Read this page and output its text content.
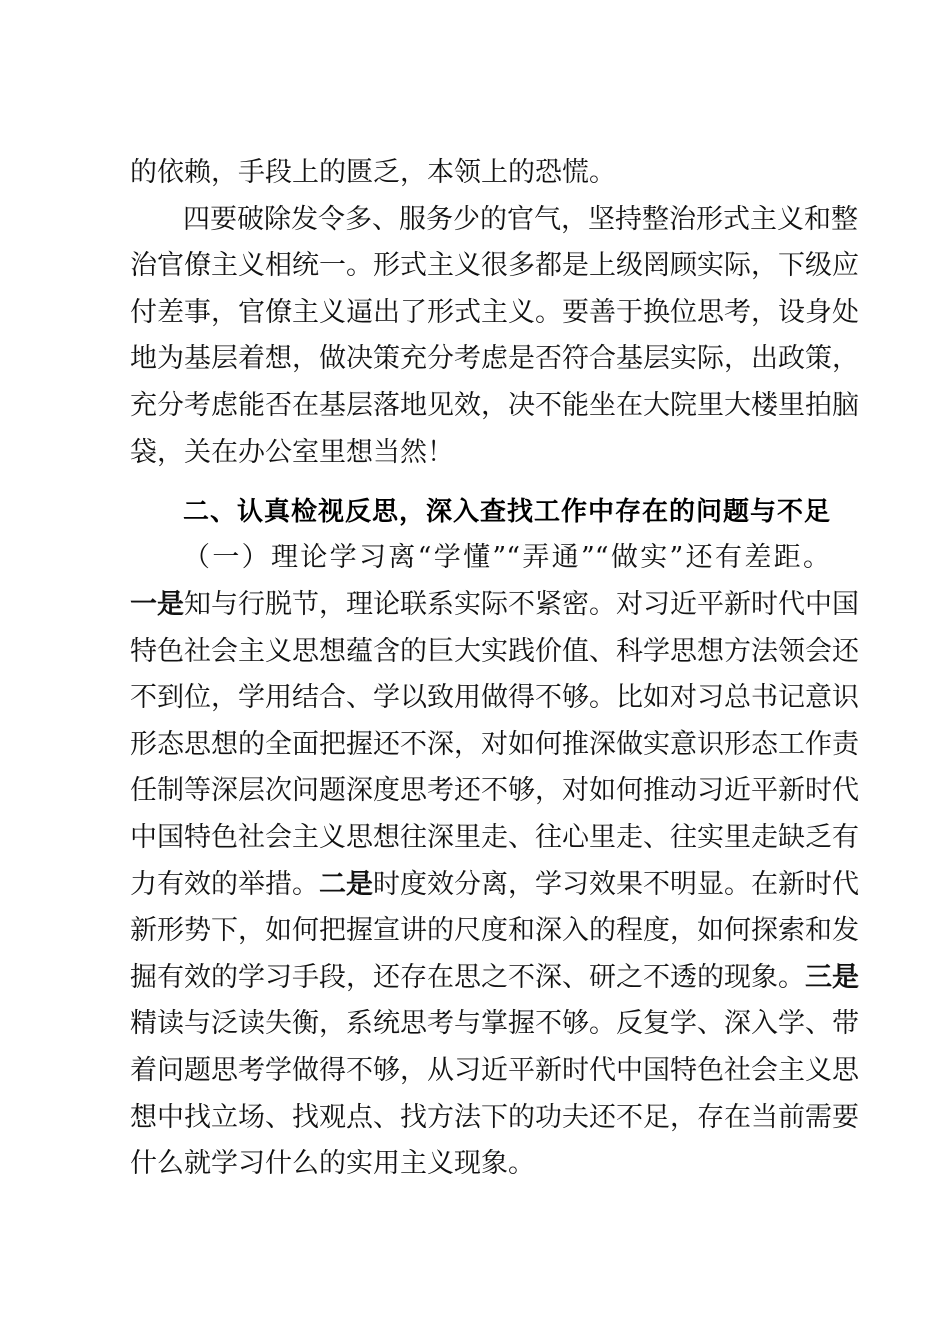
的依赖，手段上的匮乏，本领上的恐慌。
四要破除发令多、服务少的官气，坚持整治形式主义和整
治官僚主义相统一。形式主义很多都是上级罔顾实际，下级应
付差事，官僚主义逼出了形式主义。要善于换位思考，设身处
地为基层着想，做决策充分考虑是否符合基层实际，出政策，
充分考虑能否在基层落地见效，决不能坐在大院里大楼里拍脑
袋，关在办公室里想当然！
二、认真检视反思，深入查找工作中存在的问题与不足
（一）理论学习离“学懂”“弄通”“做实”还有差距。
一是知与行脱节，理论联系实际不紧密。对习近平新时代中国
特色社会主义思想蕴含的巨大实践价值、科学思想方法领会还
不到位，学用结合、学以致用做得不够。比如对习总书记意识
形态思想的全面把握还不深，对如何推深做实意识形态工作责
任制等深层次问题深度思考还不够，对如何推动习近平新时代
中国特色社会主义思想往深里走、往心里走、往实里走缺乏有
力有效的举措。二是时度效分离，学习效果不明显。在新时代
新形势下，如何把握宣讲的尺度和深入的程度，如何探索和发
掘有效的学习手段，还存在思之不深、研之不透的现象。三是
精读与泛读失衡，系统思考与掌握不够。反复学、深入学、带
着问题思考学做得不够，从习近平新时代中国特色社会主义思
想中找立场、找观点、找方法下的功夫还不足，存在当前需要
什么就学习什么的实用主义现象。
